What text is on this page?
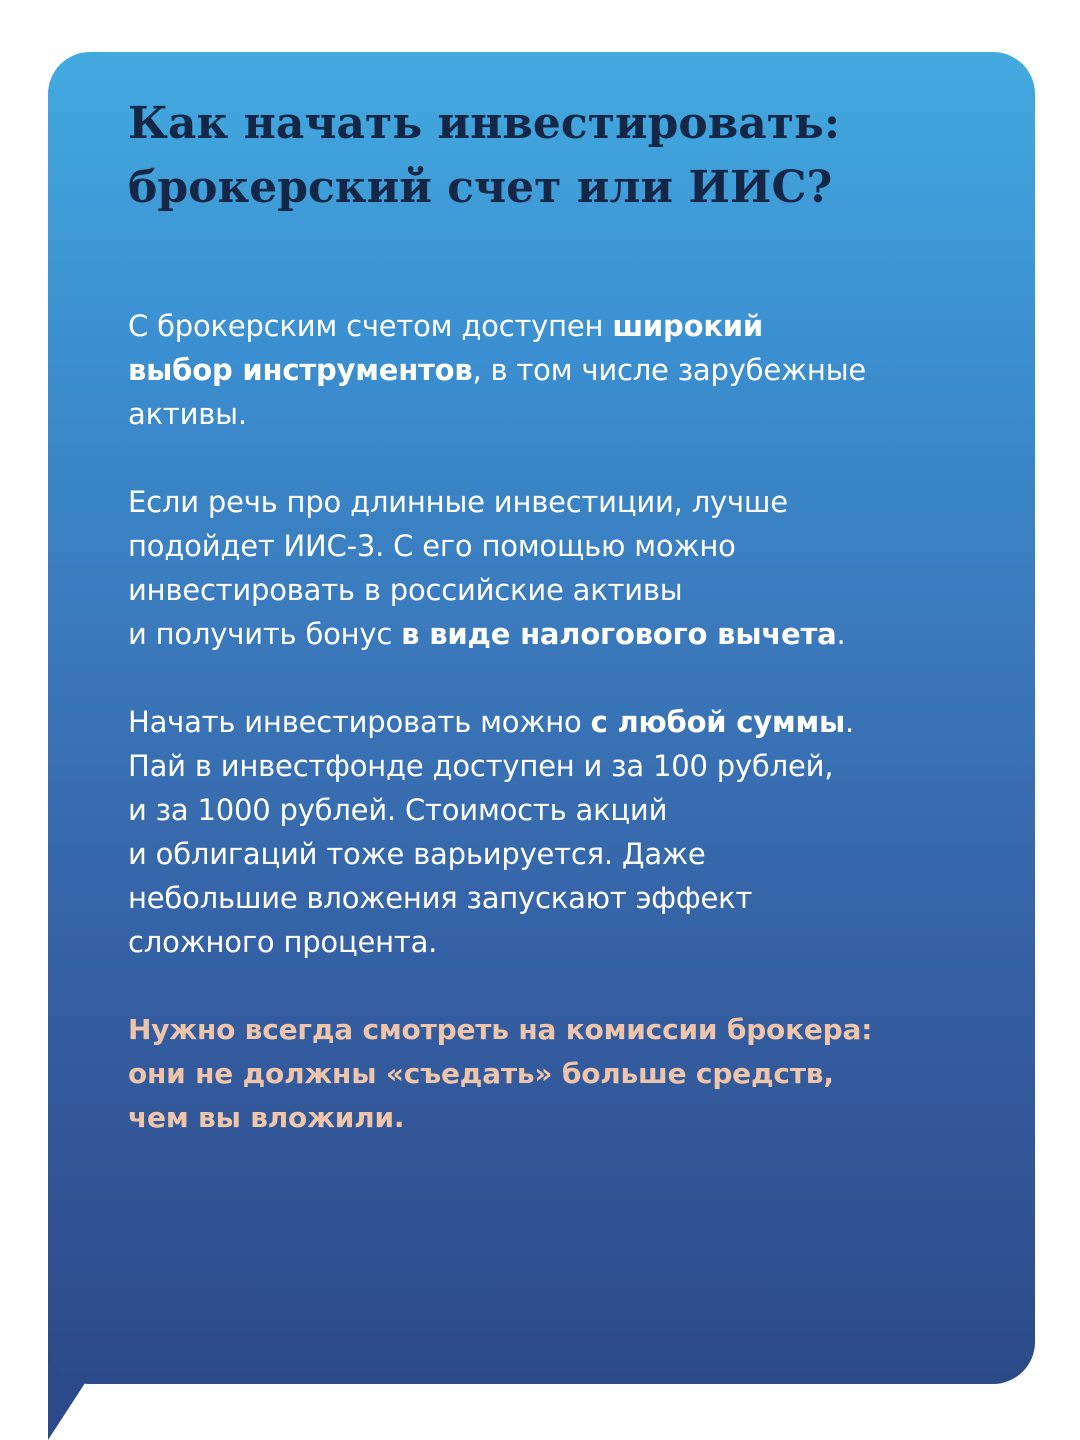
Как начать инвестировать:
брокерский счет или ИИС?

С брокерским счетом доступен широкий
выбор инструментов, в том числе зарубежные
активы.

Если речь про длинные инвестиции, лучше
подойдет ИИС-3. С его помощью можно
инвестировать в российские активы
и получить бонус в виде налогового вычета.

Начать инвестировать можно с любой суммы.
Пай в инвестфонде доступен и за 100 рублей,
и за 1000 рублей. Стоимость акций
и облигаций тоже варьируется. Даже
небольшие вложения запускают эффект
сложного процента.

Нужно всегда смотреть на комиссии брокера:
они не должны «съедать» больше средств,
чем вы вложили.
